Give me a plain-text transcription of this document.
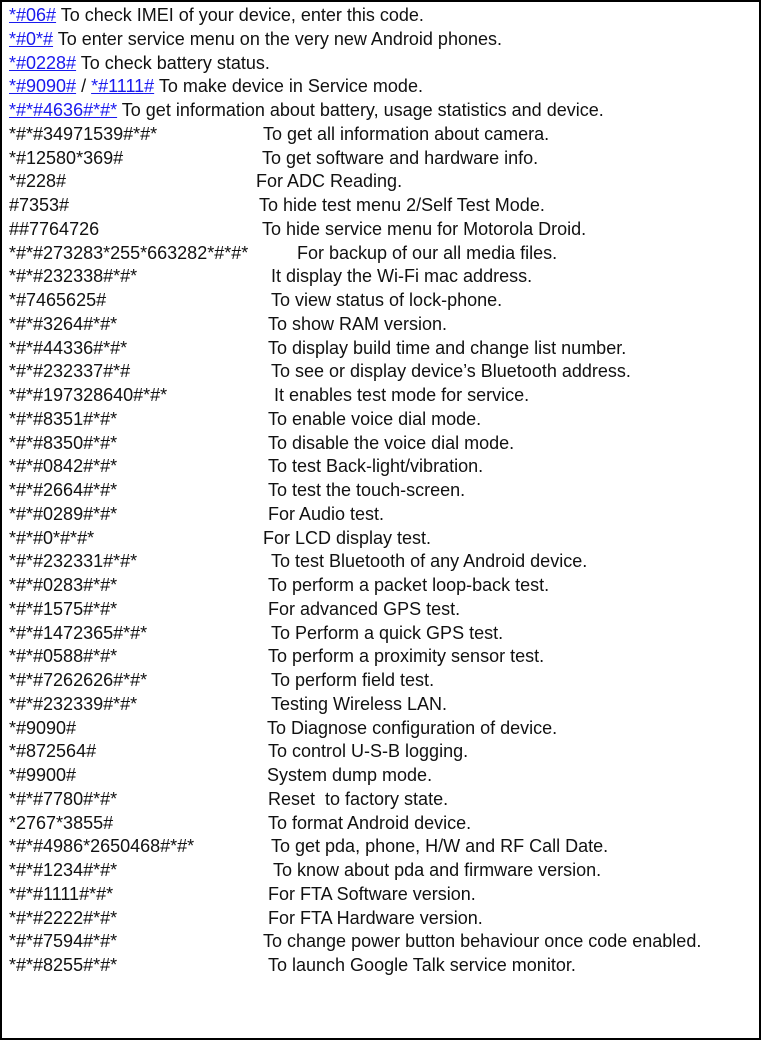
*#06# To check IMEI of your device, enter this code.
*#0*# To enter service menu on the very new Android phones.
*#0228# To check battery status.
*#9090# / *#1111# To make device in Service mode.
*#*#4636#*#* To get information about battery, usage statistics and device.
*#*#34971539#*#*	To get all information about camera.
*#12580*369#	To get software and hardware info.
*#228#	For ADC Reading.
#7353#	To hide test menu 2/Self Test Mode.
##7764726	To hide service menu for Motorola Droid.
*#*#273283*255*663282*#*#*	For backup of our all media files.
*#*#232338#*#*	It display the Wi-Fi mac address.
*#7465625#	To view status of lock-phone.
*#*#3264#*#*	To show RAM version.
*#*#44336#*#*	To display build time and change list number.
*#*#232337#*#	To see or display device’s Bluetooth address.
*#*#197328640#*#*	It enables test mode for service.
*#*#8351#*#*	To enable voice dial mode.
*#*#8350#*#*	To disable the voice dial mode.
*#*#0842#*#*	To test Back-light/vibration.
*#*#2664#*#*	To test the touch-screen.
*#*#0289#*#*	For Audio test.
*#*#0*#*#*	For LCD display test.
*#*#232331#*#*	To test Bluetooth of any Android device.
*#*#0283#*#*	To perform a packet loop-back test.
*#*#1575#*#*	For advanced GPS test.
*#*#1472365#*#*	To Perform a quick GPS test.
*#*#0588#*#*	To perform a proximity sensor test.
*#*#7262626#*#*	To perform field test.
*#*#232339#*#*	Testing Wireless LAN.
*#9090#	To Diagnose configuration of device.
*#872564#	To control U-S-B logging.
*#9900#	System dump mode.
*#*#7780#*#*	Reset  to factory state.
*2767*3855#	To format Android device.
*#*#4986*2650468#*#*	To get pda, phone, H/W and RF Call Date.
*#*#1234#*#*	To know about pda and firmware version.
*#*#1111#*#*	For FTA Software version.
*#*#2222#*#*	For FTA Hardware version.
*#*#7594#*#*	To change power button behaviour once code enabled.
*#*#8255#*#*	To launch Google Talk service monitor.
